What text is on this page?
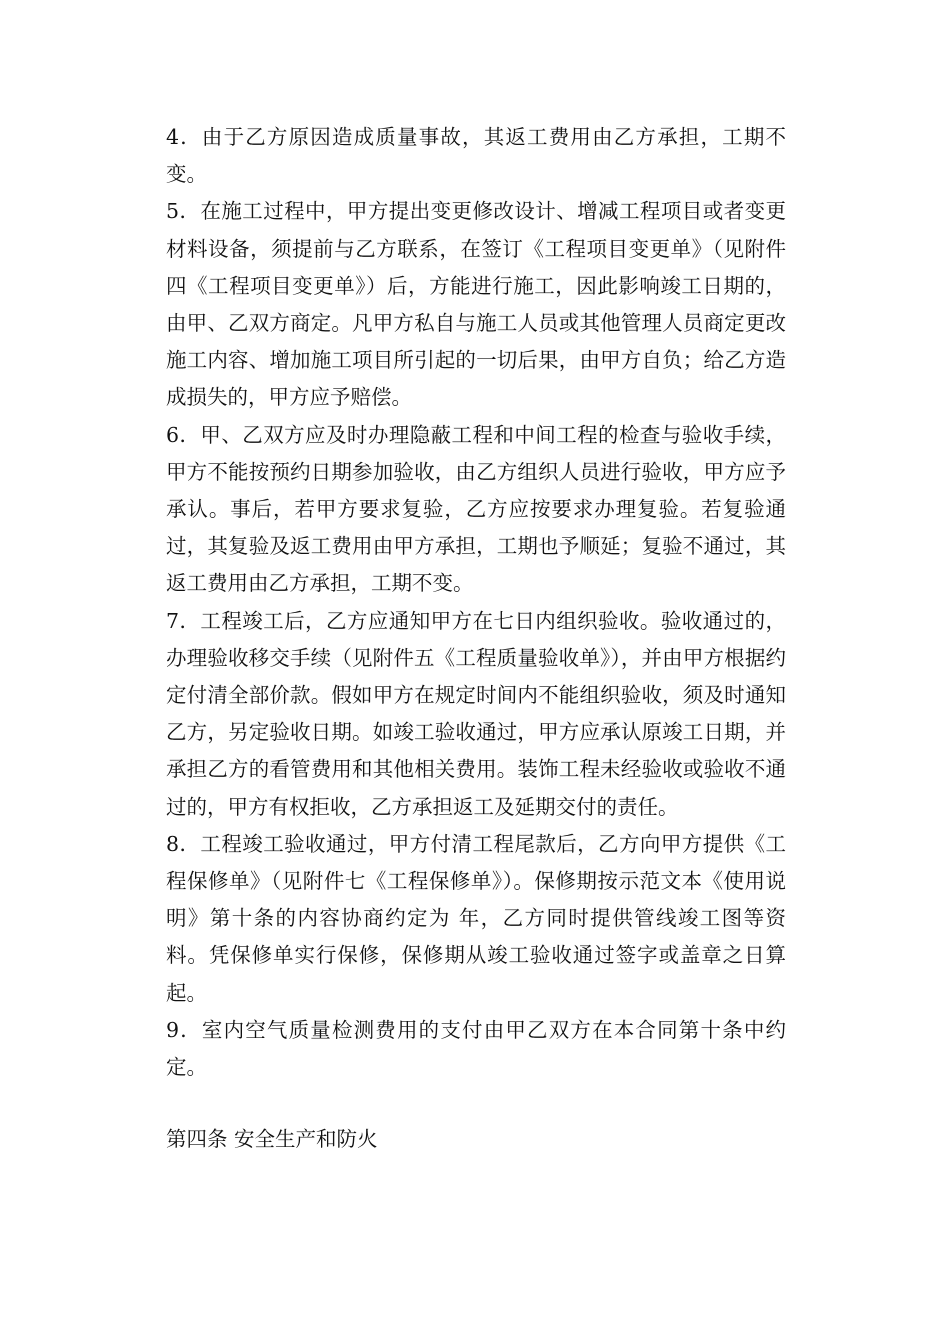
4．由于乙方原因造成质量事故，其返工费用由乙方承担，工期不变。

5．在施工过程中，甲方提出变更修改设计、增减工程项目或者变更材料设备，须提前与乙方联系，在签订《工程项目变更单》（见附件四《工程项目变更单》）后，方能进行施工，因此影响竣工日期的，由甲、乙双方商定。凡甲方私自与施工人员或其他管理人员商定更改施工内容、增加施工项目所引起的一切后果，由甲方自负；给乙方造成损失的，甲方应予赔偿。

6．甲、乙双方应及时办理隐蔽工程和中间工程的检查与验收手续，甲方不能按预约日期参加验收，由乙方组织人员进行验收，甲方应予承认。事后，若甲方要求复验，乙方应按要求办理复验。若复验通过，其复验及返工费用由甲方承担，工期也予顺延；复验不通过，其返工费用由乙方承担，工期不变。

7．工程竣工后，乙方应通知甲方在七日内组织验收。验收通过的，办理验收移交手续（见附件五《工程质量验收单》），并由甲方根据约定付清全部价款。假如甲方在规定时间内不能组织验收，须及时通知乙方，另定验收日期。如竣工验收通过，甲方应承认原竣工日期，并承担乙方的看管费用和其他相关费用。装饰工程未经验收或验收不通过的，甲方有权拒收，乙方承担返工及延期交付的责任。

8．工程竣工验收通过，甲方付清工程尾款后，乙方向甲方提供《工程保修单》（见附件七《工程保修单》）。保修期按示范文本《使用说明》第十条的内容协商约定为 年，乙方同时提供管线竣工图等资料。凭保修单实行保修，保修期从竣工验收通过签字或盖章之日算起。

9．室内空气质量检测费用的支付由甲乙双方在本合同第十条中约定。

第四条 安全生产和防火
